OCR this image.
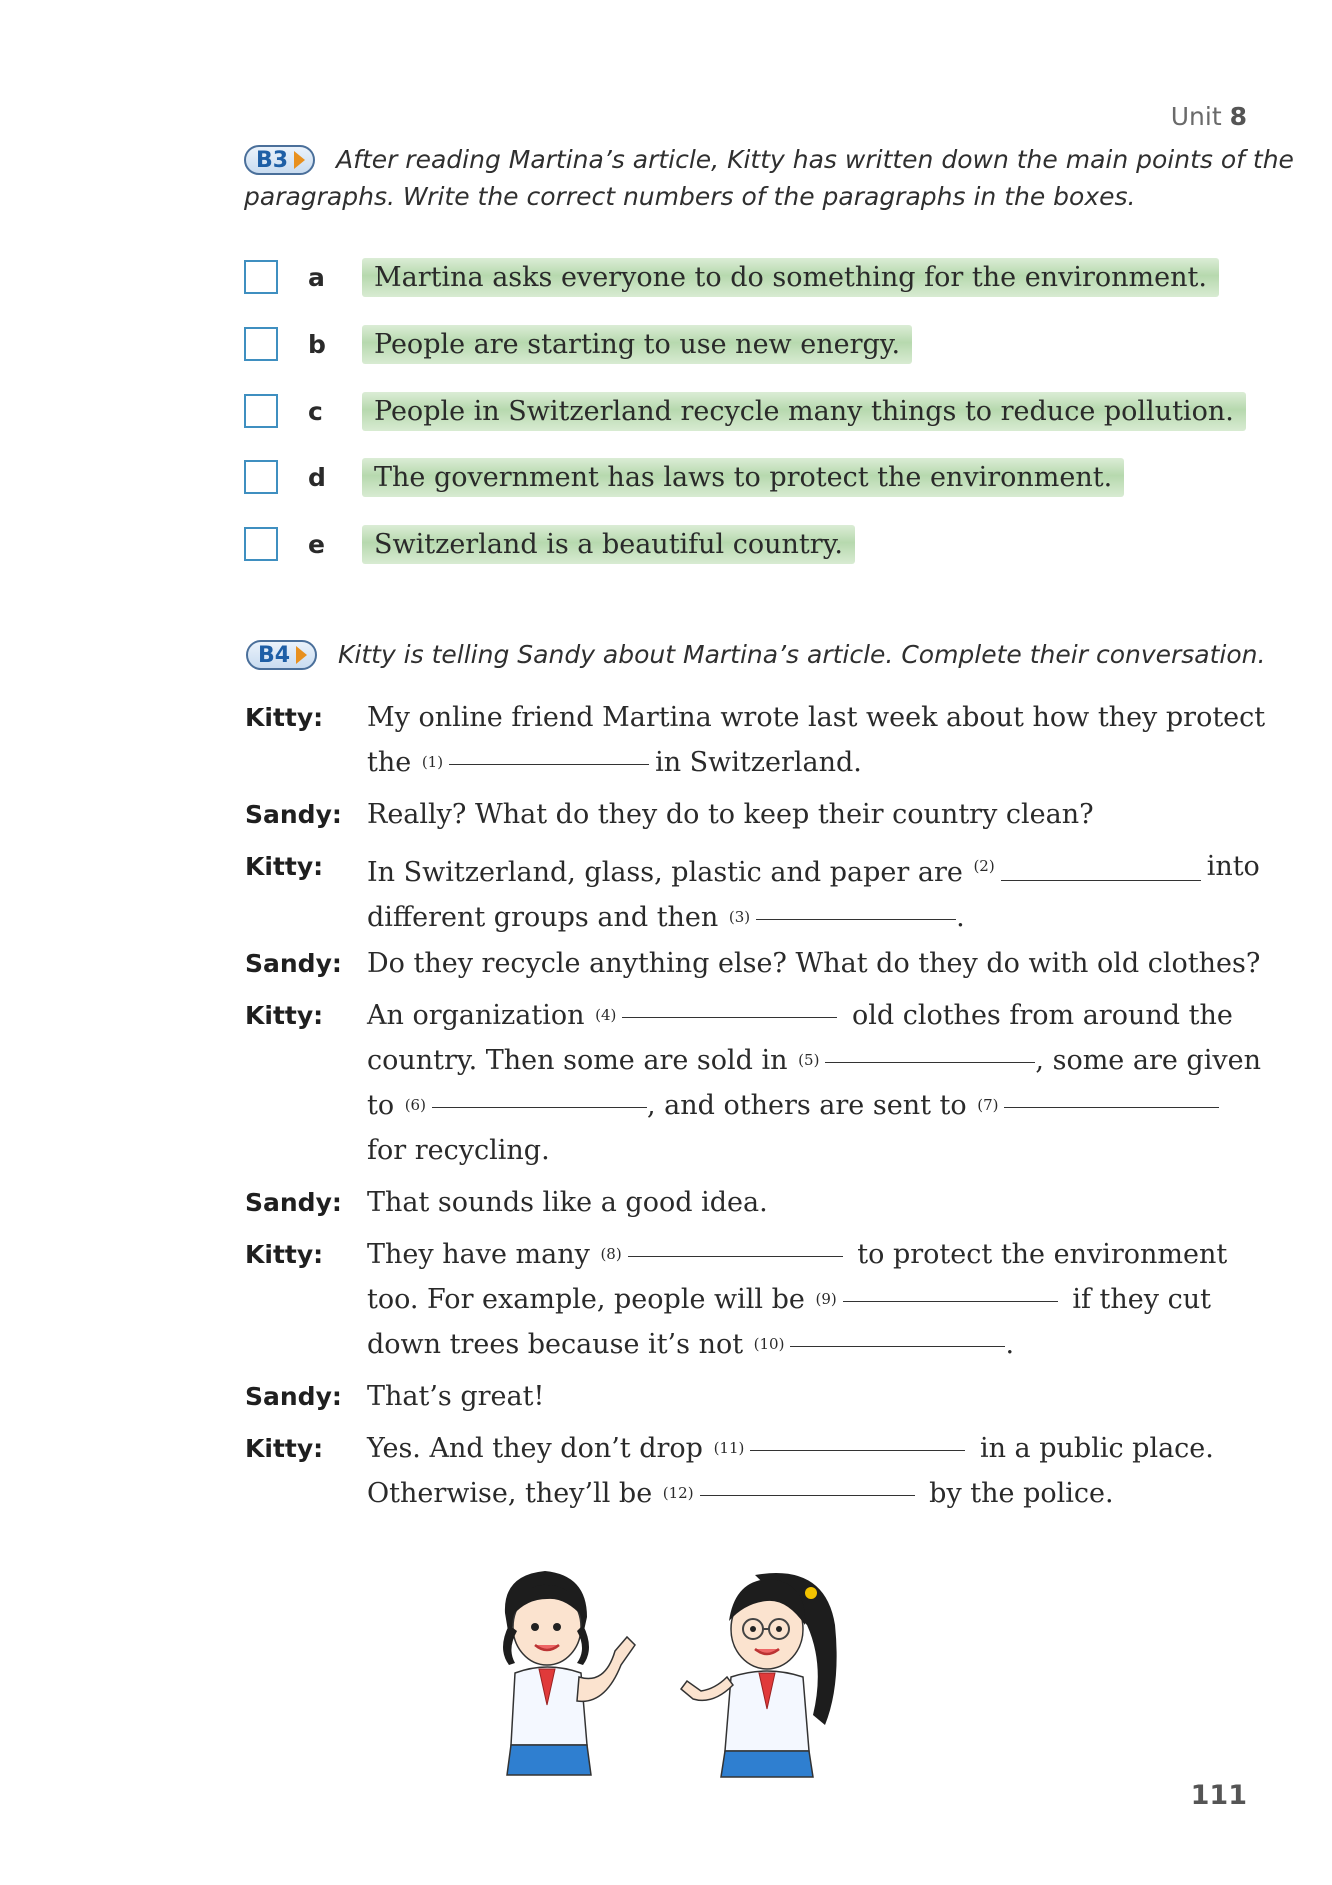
Unit 8
B3 After reading Martina’s article, Kitty has written down the main points of the
paragraphs. Write the correct numbers of the paragraphs in the boxes.
a	Martina asks everyone to do something for the environment.
b	People are starting to use new energy.
c	People in Switzerland recycle many things to reduce pollution.
d	The government has laws to protect the environment.
e	Switzerland is a beautiful country.
B4 Kitty is telling Sandy about Martina’s article. Complete their conversation.
Kitty:	My online friend Martina wrote last week about how they protect
the
(1)	in Switzerland.
Sandy: Really? What do they do to keep their country clean?
Kitty:	In Switzerland, glass, plastic and paper are $^{(2)}$	into
different groups and then
(3)	.
Sandy: Do they recycle anything else? What do they do with old clothes?
Kitty:	An organization
(4)
	old clothes from around the
country. Then some are sold in
(5)	, some are given
to
(6)	, and others are sent to
(7)
for recycling.
Sandy: That sounds like a good idea.
Kitty:	They have many
(8)
	to protect the environment
too. For example, people will be
(9)
	if they cut
down trees because it’s not
(10)	.
Sandy: That’s great!
Kitty:	Yes. And they don’t drop
(11)
	in a public place.
Otherwise, they’ll be
(12)
	by the police.
111
